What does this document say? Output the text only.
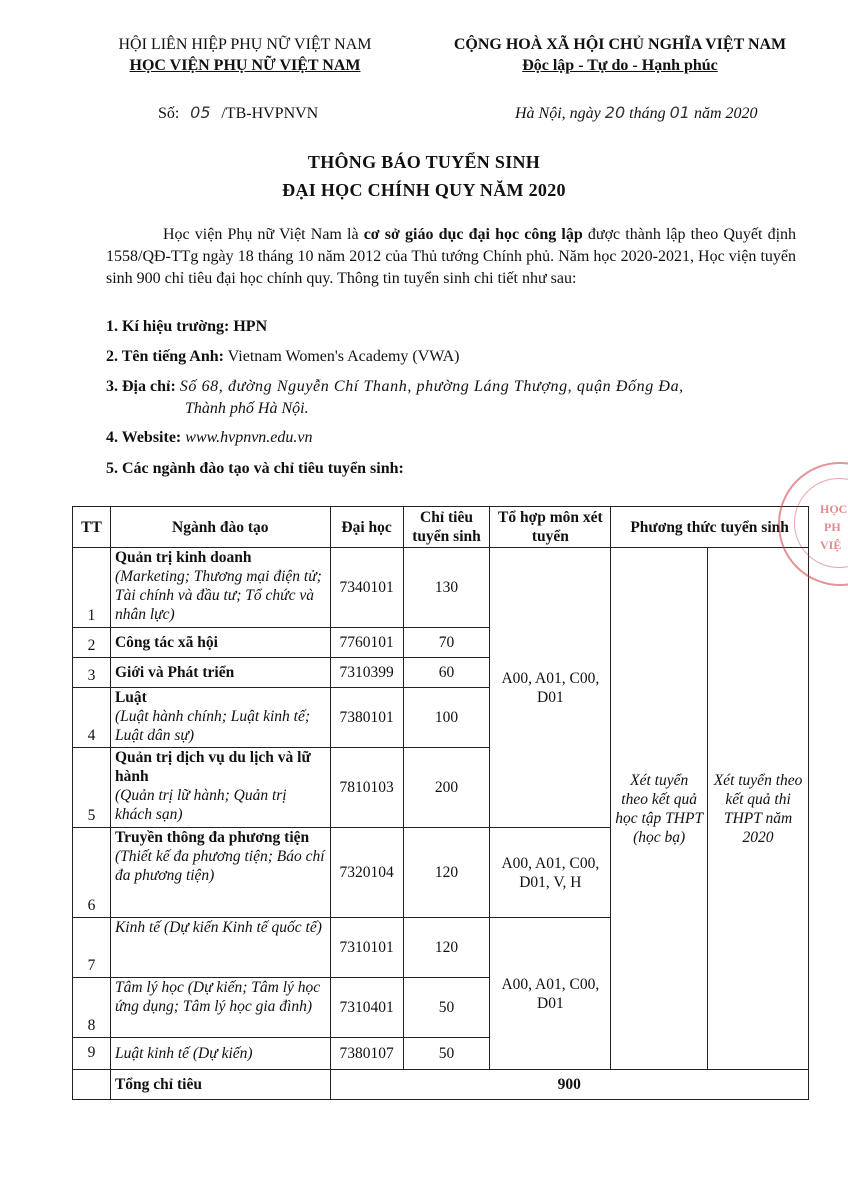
HỘI LIÊN HIỆP PHỤ NỮ VIỆT NAM
HỌC VIỆN PHỤ NỮ VIỆT NAM
CỘNG HOÀ XÃ HỘI CHỦ NGHĨA VIỆT NAM
Độc lập - Tự do - Hạnh phúc
Số: 05 /TB-HVPNVN	Hà Nội, ngày 20 tháng 01 năm 2020
THÔNG BÁO TUYỂN SINH
ĐẠI HỌC CHÍNH QUY NĂM 2020
Học viện Phụ nữ Việt Nam là cơ sở giáo dục đại học công lập được thành lập theo Quyết định 1558/QĐ-TTg ngày 18 tháng 10 năm 2012 của Thủ tướng Chính phủ. Năm học 2020-2021, Học viện tuyển sinh 900 chỉ tiêu đại học chính quy. Thông tin tuyển sinh chi tiết như sau:
1. Kí hiệu trường: HPN
2. Tên tiếng Anh: Vietnam Women's Academy (VWA)
3. Địa chỉ: Số 68, đường Nguyễn Chí Thanh, phường Láng Thượng, quận Đống Đa,
Thành phố Hà Nội.
4. Website: www.hvpnvn.edu.vn
5. Các ngành đào tạo và chỉ tiêu tuyển sinh:
TT	Ngành đào tạo	Đại học	Chỉ tiêu tuyển sinh	Tổ hợp môn xét tuyển	Phương thức tuyển sinh	
1	Quản trị kinh doanh
(Marketing; Thương mại điện tử; Tài chính và đầu tư; Tổ chức và nhân lực)	7340101	130	A00, A01, C00, D01	Xét tuyển theo kết quả học tập THPT (học bạ)	Xét tuyển theo kết quả thi THPT năm 2020
2	Công tác xã hội	7760101	70			
3	Giới và Phát triển	7310399	60			
4	Luật
(Luật hành chính; Luật kinh tế; Luật dân sự)	7380101	100			
5	Quản trị dịch vụ du lịch và lữ hành
(Quản trị lữ hành; Quản trị khách sạn)	7810103	200			
6	Truyền thông đa phương tiện
(Thiết kế đa phương tiện; Báo chí đa phương tiện)	7320104	120	A00, A01, C00, D01, V, H		
7	Kinh tế (Dự kiến Kinh tế quốc tế)	7310101	120	A00, A01, C00, D01		
8	Tâm lý học (Dự kiến; Tâm lý học ứng dụng; Tâm lý học gia đình)	7310401	50			
9	Luật kinh tế (Dự kiến)	7380107	50			
	Tổng chỉ tiêu	900				
HỌC
PH
VIỆ
